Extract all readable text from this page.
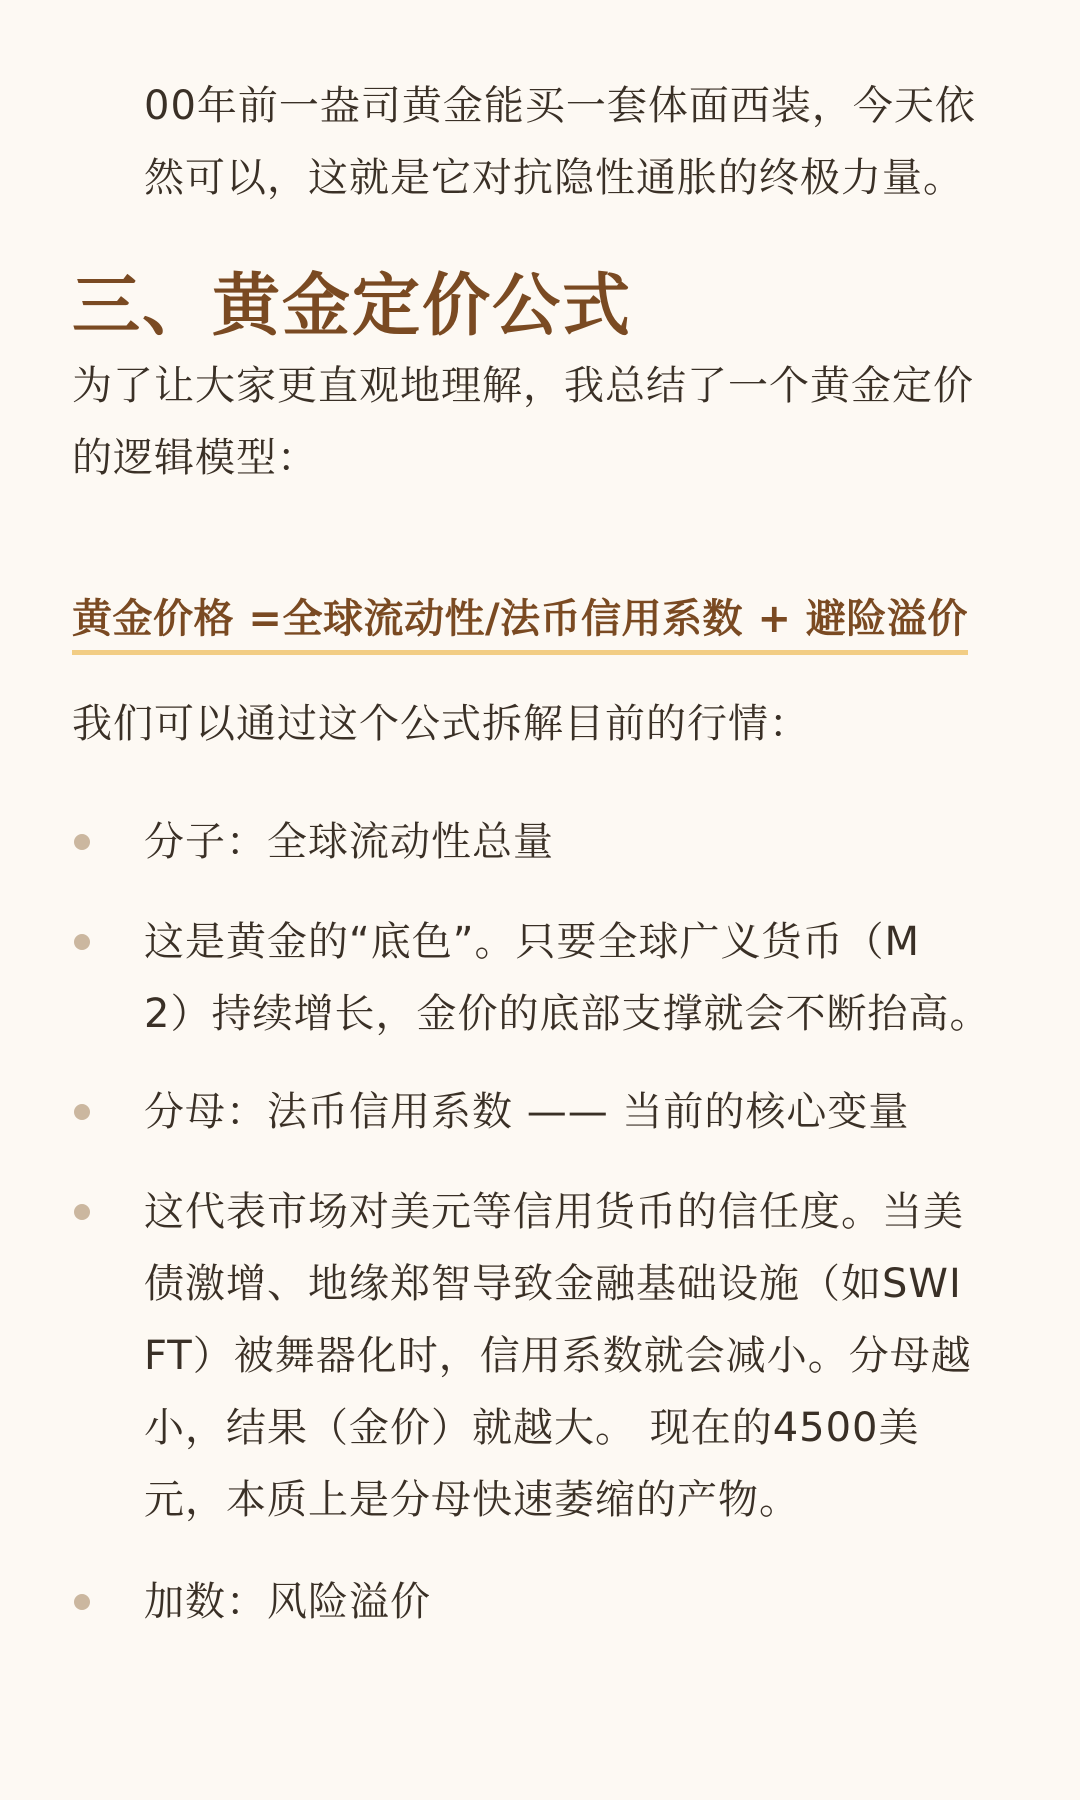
00年前一盎司黄金能买一套体面西装，今天依
然可以，这就是它对抗隐性通胀的终极力量。
三、黄金定价公式
为了让大家更直观地理解，我总结了一个黄金定价
的逻辑模型：
黄金价格 =全球流动性/法币信用系数 + 避险溢价
我们可以通过这个公式拆解目前的行情：
分子：全球流动性总量
这是黄金的“底色”。只要全球广义货币（M
2）持续增长，金价的底部支撑就会不断抬高。
分母：法币信用系数 —— 当前的核心变量
这代表市场对美元等信用货币的信任度。当美
债激增、地缘郑智导致金融基础设施（如SWI
FT）被舞器化时，信用系数就会减小。分母越
小，结果（金价）就越大。 现在的4500美
元，本质上是分母快速萎缩的产物。
加数：风险溢价
